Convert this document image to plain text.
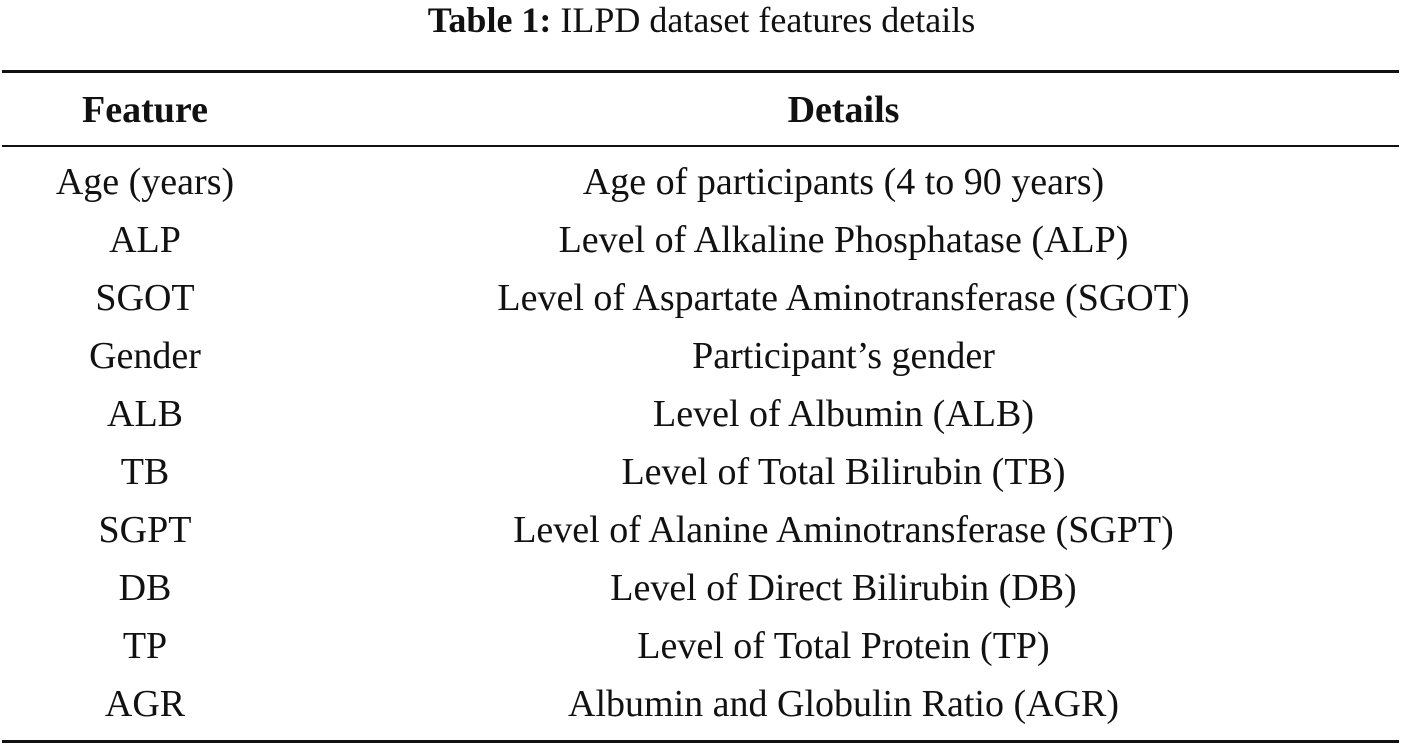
Table 1: ILPD dataset features details
Feature	Details
Age (years)	Age of participants (4 to 90 years)
ALP	Level of Alkaline Phosphatase (ALP)
SGOT	Level of Aspartate Aminotransferase (SGOT)
Gender	Participant’s gender
ALB	Level of Albumin (ALB)
TB	Level of Total Bilirubin (TB)
SGPT	Level of Alanine Aminotransferase (SGPT)
DB	Level of Direct Bilirubin (DB)
TP	Level of Total Protein (TP)
AGR	Albumin and Globulin Ratio (AGR)
